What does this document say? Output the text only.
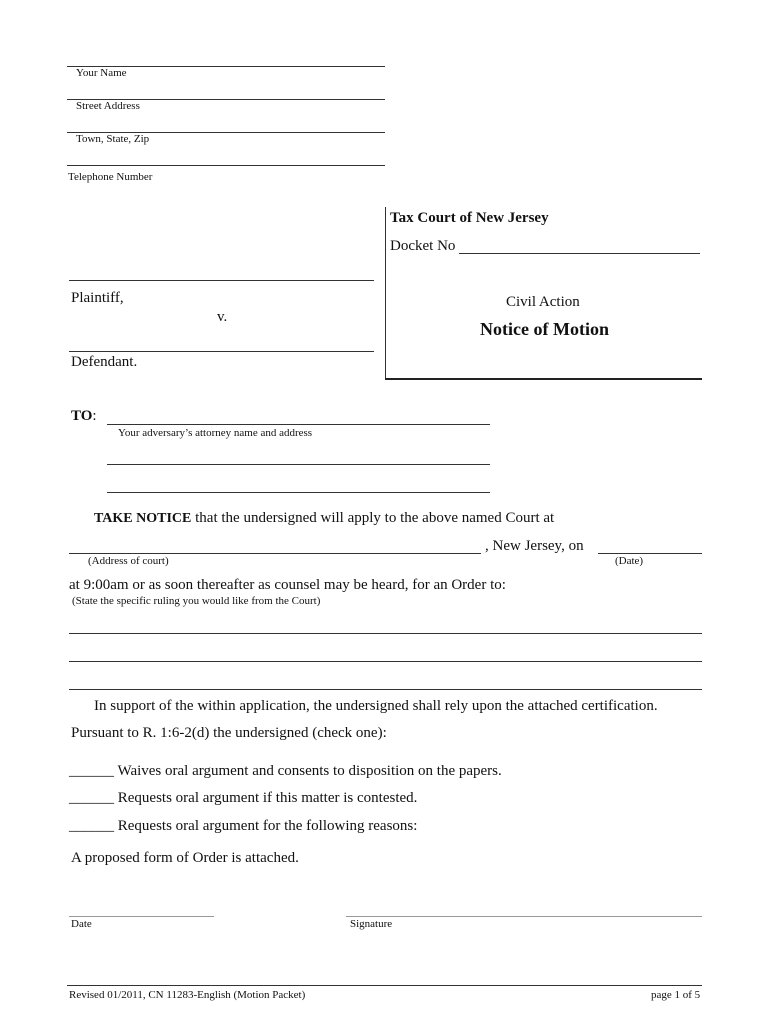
Your Name
Street Address
Town, State, Zip
Telephone Number
Tax Court of New Jersey
Docket No
Plaintiff,
v.
Defendant.
Civil Action
Notice of Motion
TO:
Your adversary’s attorney name and address
TAKE NOTICE that the undersigned will apply to the above named Court at
, New Jersey, on
(Address of court)	(Date)
at 9:00am or as soon thereafter as counsel may be heard, for an Order to:
(State the specific ruling you would like from the Court)
In support of the within application, the undersigned shall rely upon the attached certification.
Pursuant to R. 1:6-2(d) the undersigned (check one):
______ Waives oral argument and consents to disposition on the papers.
______ Requests oral argument if this matter is contested.
______ Requests oral argument for the following reasons:
A proposed form of Order is attached.
Date	Signature
Revised 01/2011, CN 11283-English (Motion Packet)	page 1 of 5
